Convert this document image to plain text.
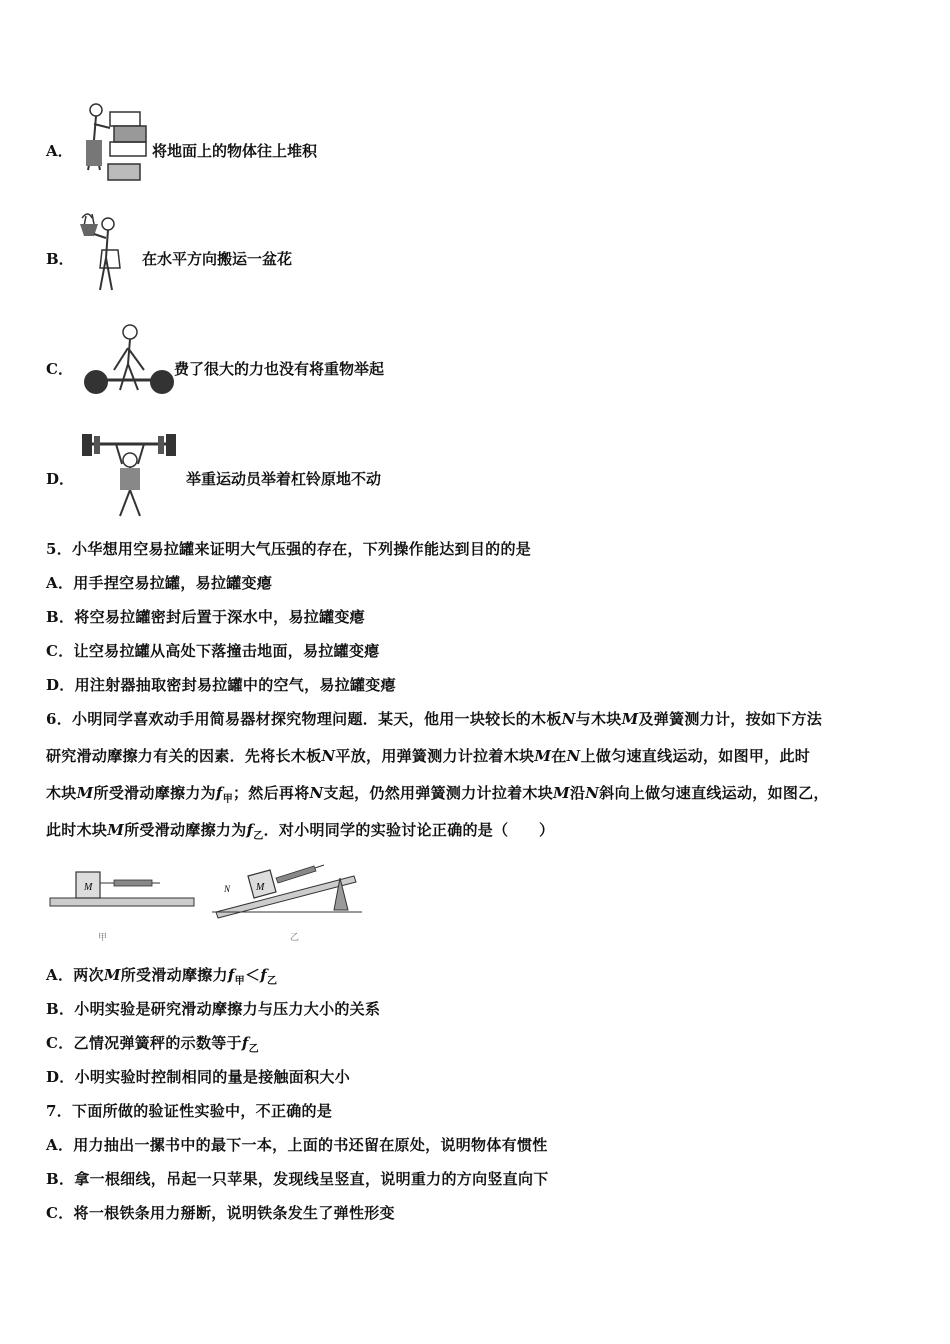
A．	将地面上的物体往上堆积
B．	在水平方向搬运一盆花
C．	费了很大的力也没有将重物举起
D．	举重运动员举着杠铃原地不动
5．小华想用空易拉罐来证明大气压强的存在，下列操作能达到目的的是
A．用手捏空易拉罐，易拉罐变瘪
B．将空易拉罐密封后置于深水中，易拉罐变瘪
C．让空易拉罐从高处下落撞击地面，易拉罐变瘪
D．用注射器抽取密封易拉罐中的空气，易拉罐变瘪
6．小明同学喜欢动手用简易器材探究物理问题．某天，他用一块较长的木板N与木块M及弹簧测力计，按如下方法
研究滑动摩擦力有关的因素．先将长木板N平放，用弹簧测力计拉着木块M在N上做匀速直线运动，如图甲，此时
木块M所受滑动摩擦力为$f_甲$；然后再将N支起，仍然用弹簧测力计拉着木块M沿N斜向上做匀速直线运动，如图乙，
此时木块M所受滑动摩擦力为$f_乙$．对小明同学的实验讨论正确的是（　　）
M
甲
N	M
乙
A．两次M所受滑动摩擦力$f_甲<f_乙$
B．小明实验是研究滑动摩擦力与压力大小的关系
C．乙情况弹簧秤的示数等于$f_乙$
D．小明实验时控制相同的量是接触面积大小
7．下面所做的验证性实验中，不正确的是
A．用力抽出一摞书中的最下一本，上面的书还留在原处，说明物体有惯性
B．拿一根细线，吊起一只苹果，发现线呈竖直，说明重力的方向竖直向下
C．将一根铁条用力掰断，说明铁条发生了弹性形变
